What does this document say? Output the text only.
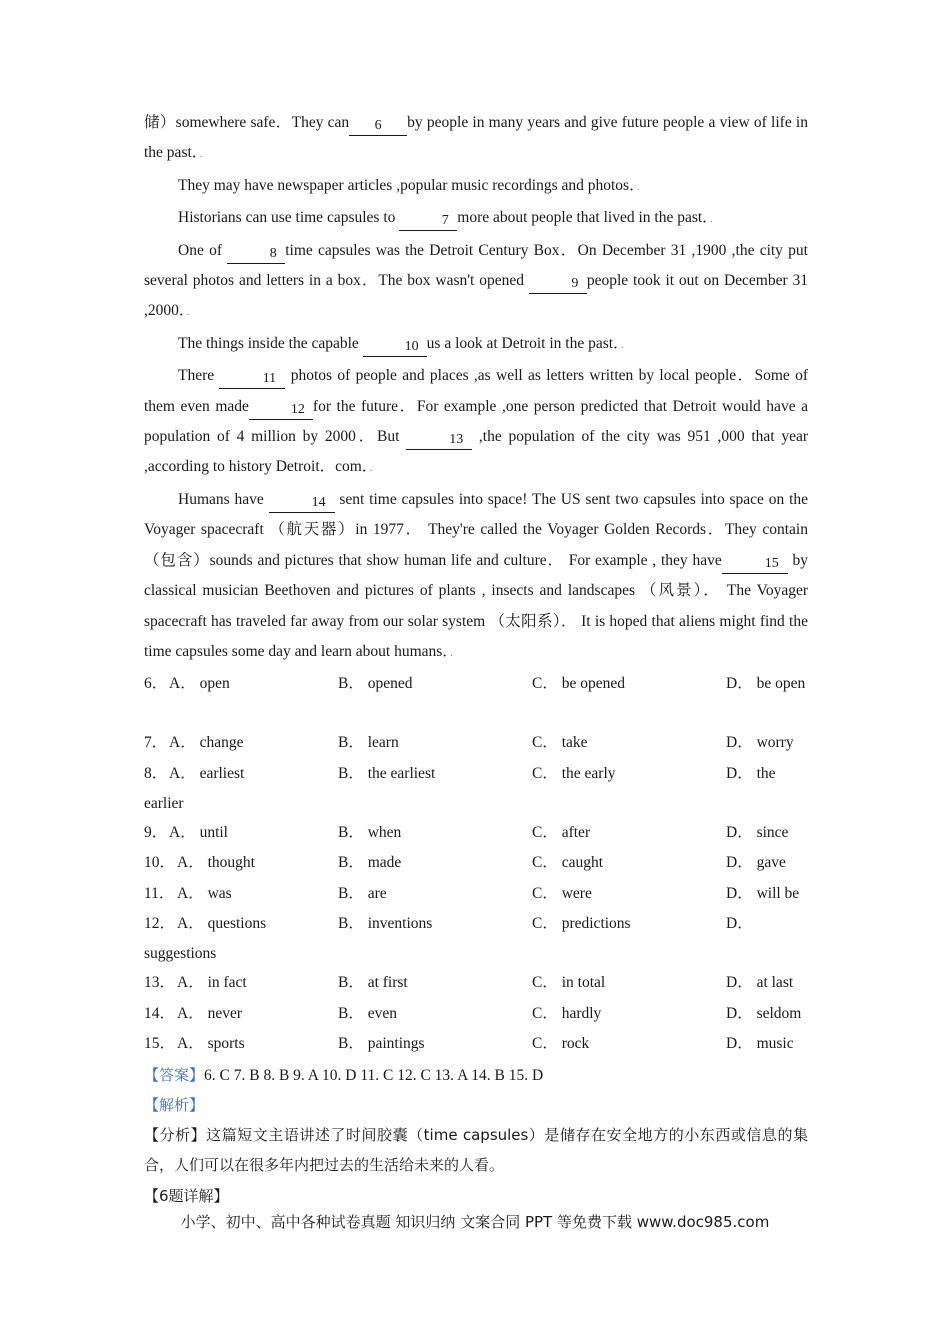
储）somewhere safe．They can 6 by people in many years and give future people a view of life in the past．．

They may have newspaper articles ,popular music recordings and photos．．

Historians can use time capsules to	7 more about people that lived in the past．．

One of	8 time capsules was the Detroit Century Box．On December 31 ,1900 ,the city put several photos and letters in a box．The box wasn't opened	9 people took it out on December 31 ,2000．．

The things inside the capable	10 us a look at Detroit in the past．．

There	11 photos of people and places ,as well as letters written by local people．Some of them even made	12 for the future．For example ,one person predicted that Detroit would have a population of 4 million by 2000．But	13 ,the population of the city was 951 ,000 that year ,according to history Detroit．com．．

Humans have	14 sent time capsules into space! The US sent two capsules into space on the Voyager spacecraft （航天器）in 1977． They're called the Voyager Golden Records．They contain （包含）sounds and pictures that show human life and culture． For example , they have	15 by classical musician Beethoven and pictures of plants , insects and landscapes （风景）． The Voyager spacecraft has traveled far away from our solar system （太阳系）． It is hoped that aliens might find the time capsules some day and learn about humans．．

6． A． open	B． opened	C． be opened	D． be open
7． A． change	B． learn	C． take	D． worry
8． A． earliest	B． the earliest	C． the early	D． the
earlier
9． A． until	B． when	C． after	D． since
10． A． thought	B． made	C． caught	D． gave
11． A． was	B． are	C． were	D． will be
12． A． questions	B． inventions	C． predictions	D．
suggestions
13． A． in fact	B． at first	C． in total	D． at last
14． A． never	B． even	C． hardly	D． seldom
15． A． sports	B． paintings	C． rock	D． music
【答案】6. C 7. B 8. B 9. A 10. D 11. C 12. C 13. A 14. B 15. D
【解析】

【分析】这篇短文主语讲述了时间胶囊（time capsules）是储存在安全地方的小东西或信息的集合，人们可以在很多年内把过去的生活给未来的人看。

【6题详解】
小学、初中、高中各种试卷真题 知识归纳 文案合同 PPT 等免费下载 www.doc985.com
